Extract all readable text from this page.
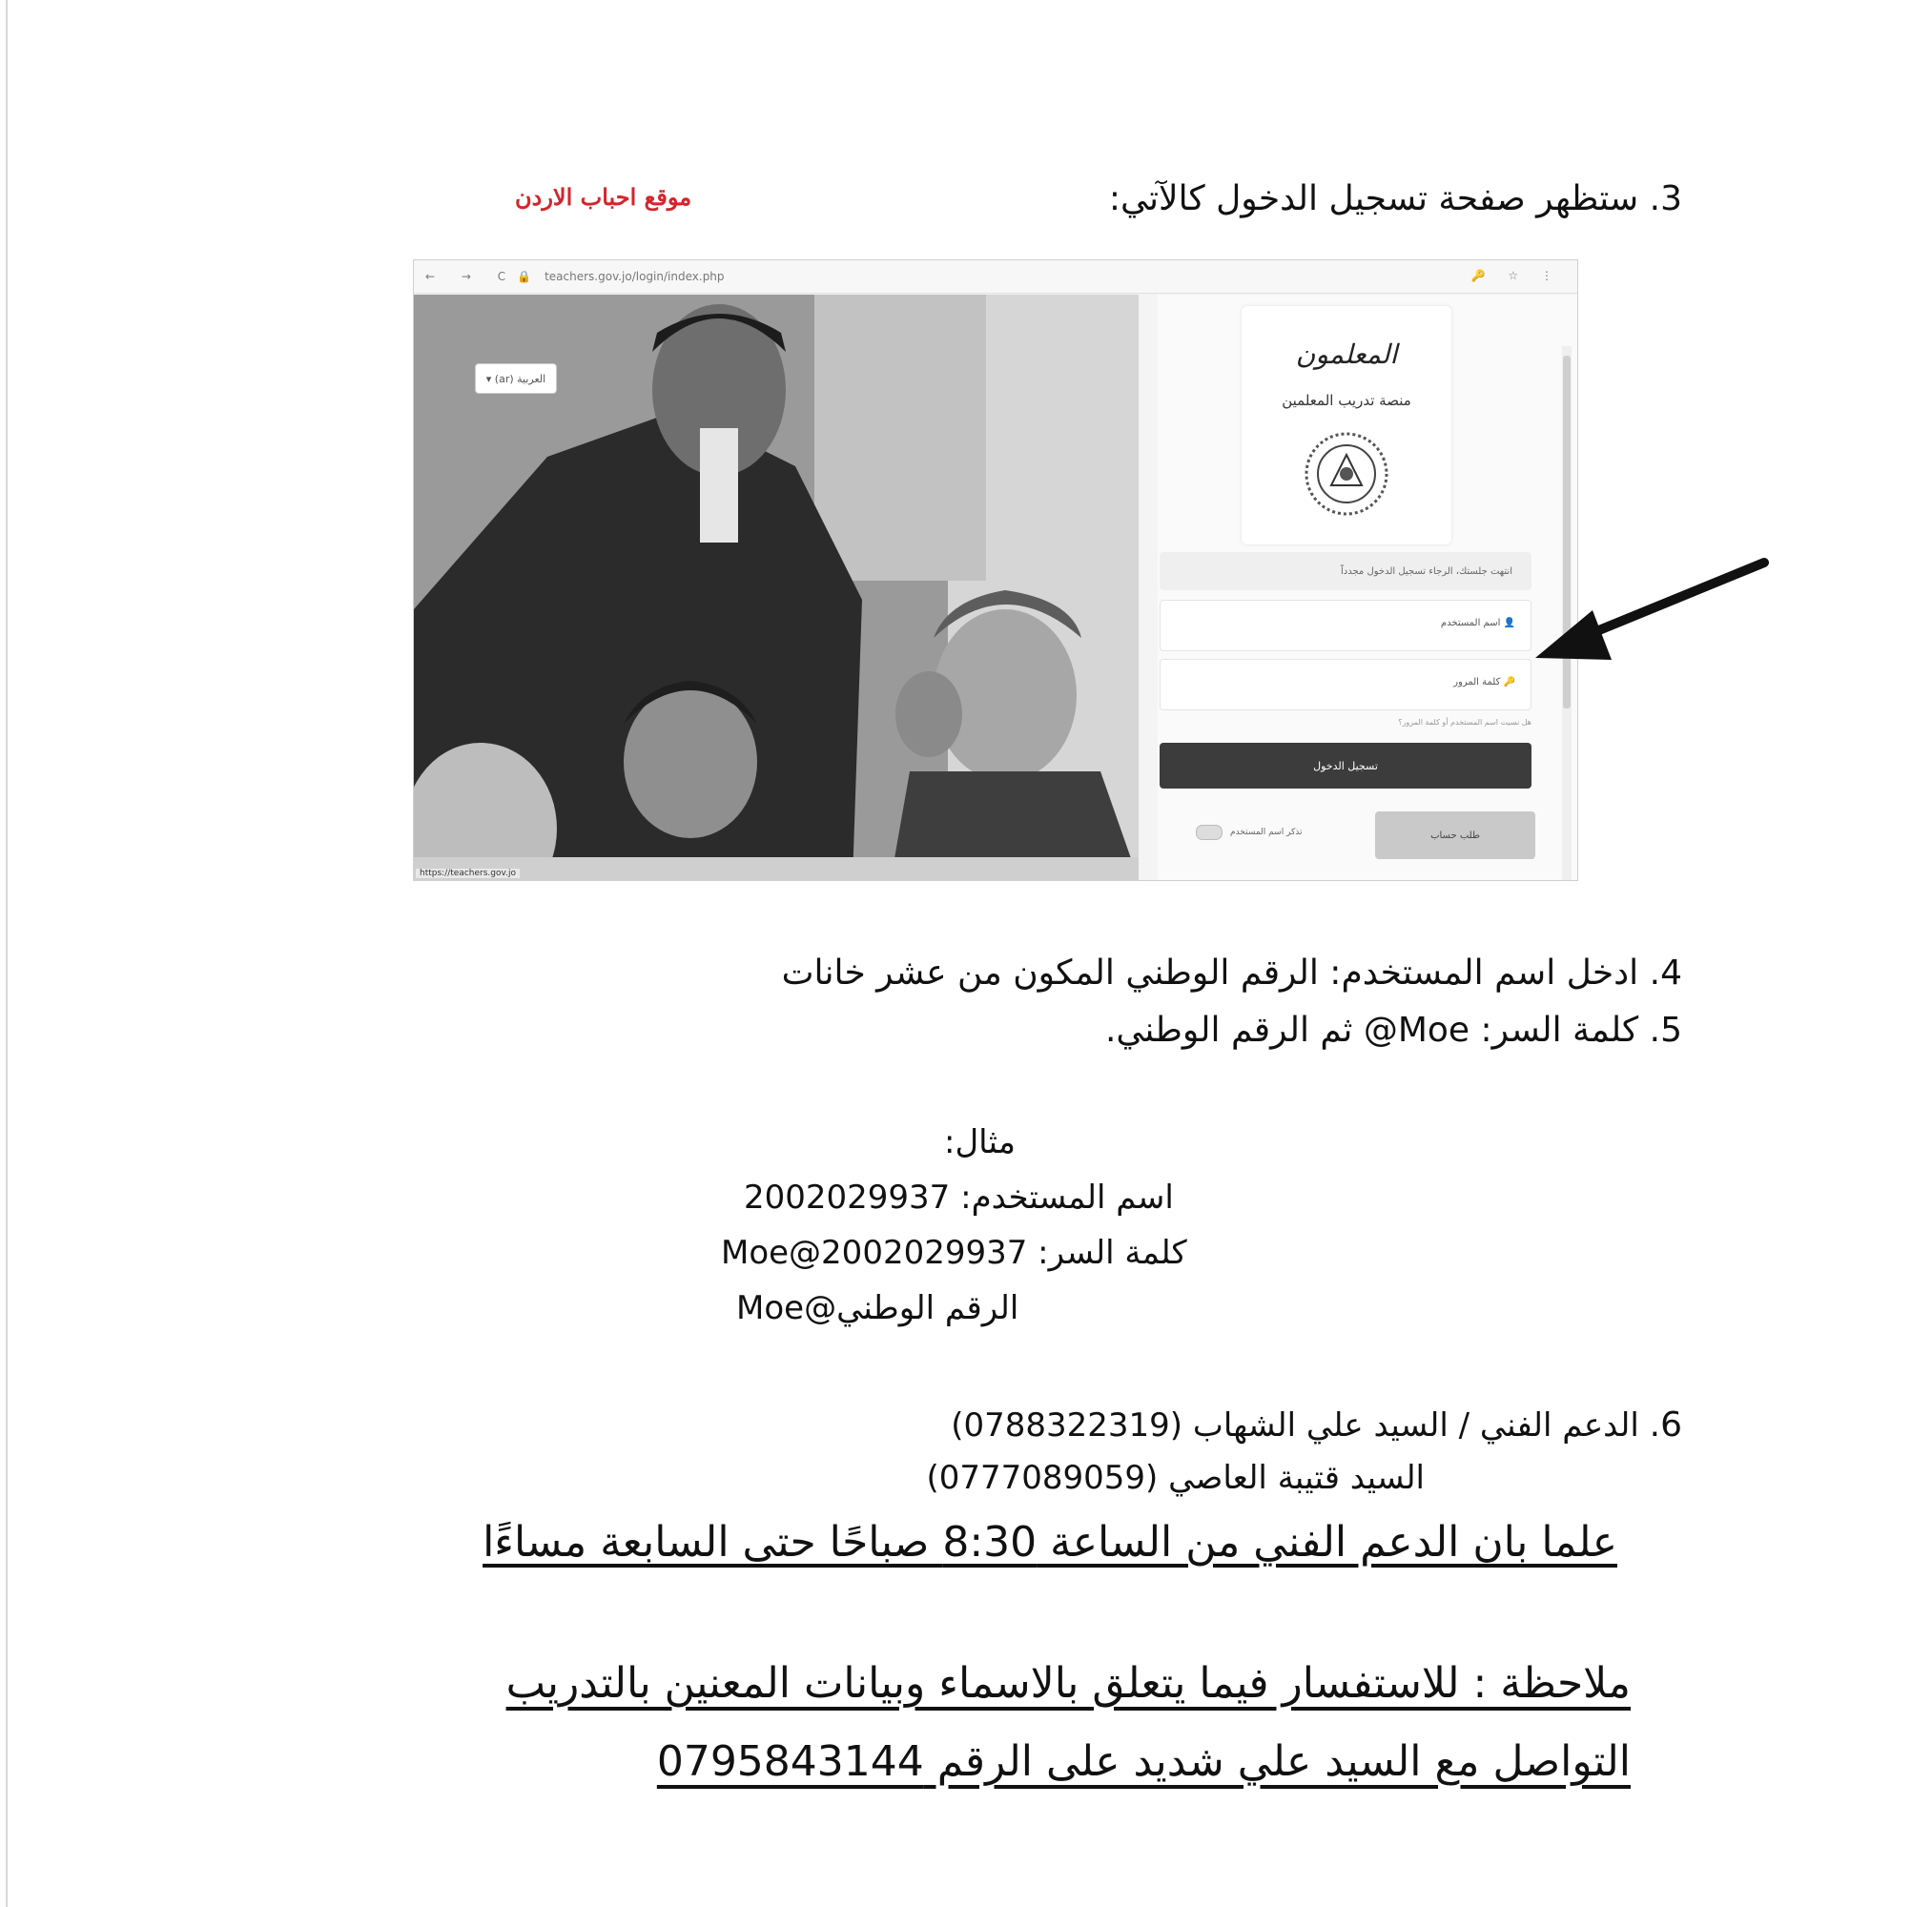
موقع احباب الاردن	3. ستظهر صفحة تسجيل الدخول كالآتي:
← → C 🔒 teachers.gov.jo/login/index.php	🔑 ☆ ⋮
العربية (ar) ▾
https://teachers.gov.jo
المعلمون
منصة تدريب المعلمين
انتهت جلستك، الرجاء تسجيل الدخول مجدداً
👤 اسم المستخدم
🔑 كلمة المرور
هل نسيت اسم المستخدم أو كلمة المرور؟
تسجيل الدخول
طلب حساب
تذكر اسم المستخدم
4. ادخل اسم المستخدم: الرقم الوطني المكون من عشر خانات
5. كلمة السر: Moe@ ثم الرقم الوطني.
مثال:
اسم المستخدم: 2002029937
كلمة السر: Moe@2002029937
الرقم الوطني@Moe
6. الدعم الفني / السيد علي الشهاب (0788322319)
السيد قتيبة العاصي (0777089059)
علما بان الدعم الفني من الساعة 8:30 صباحًا حتى السابعة مساءًا
ملاحظة : للاستفسار فيما يتعلق بالاسماء وبيانات المعنين بالتدريب
التواصل مع السيد علي شديد على الرقم 0795843144
